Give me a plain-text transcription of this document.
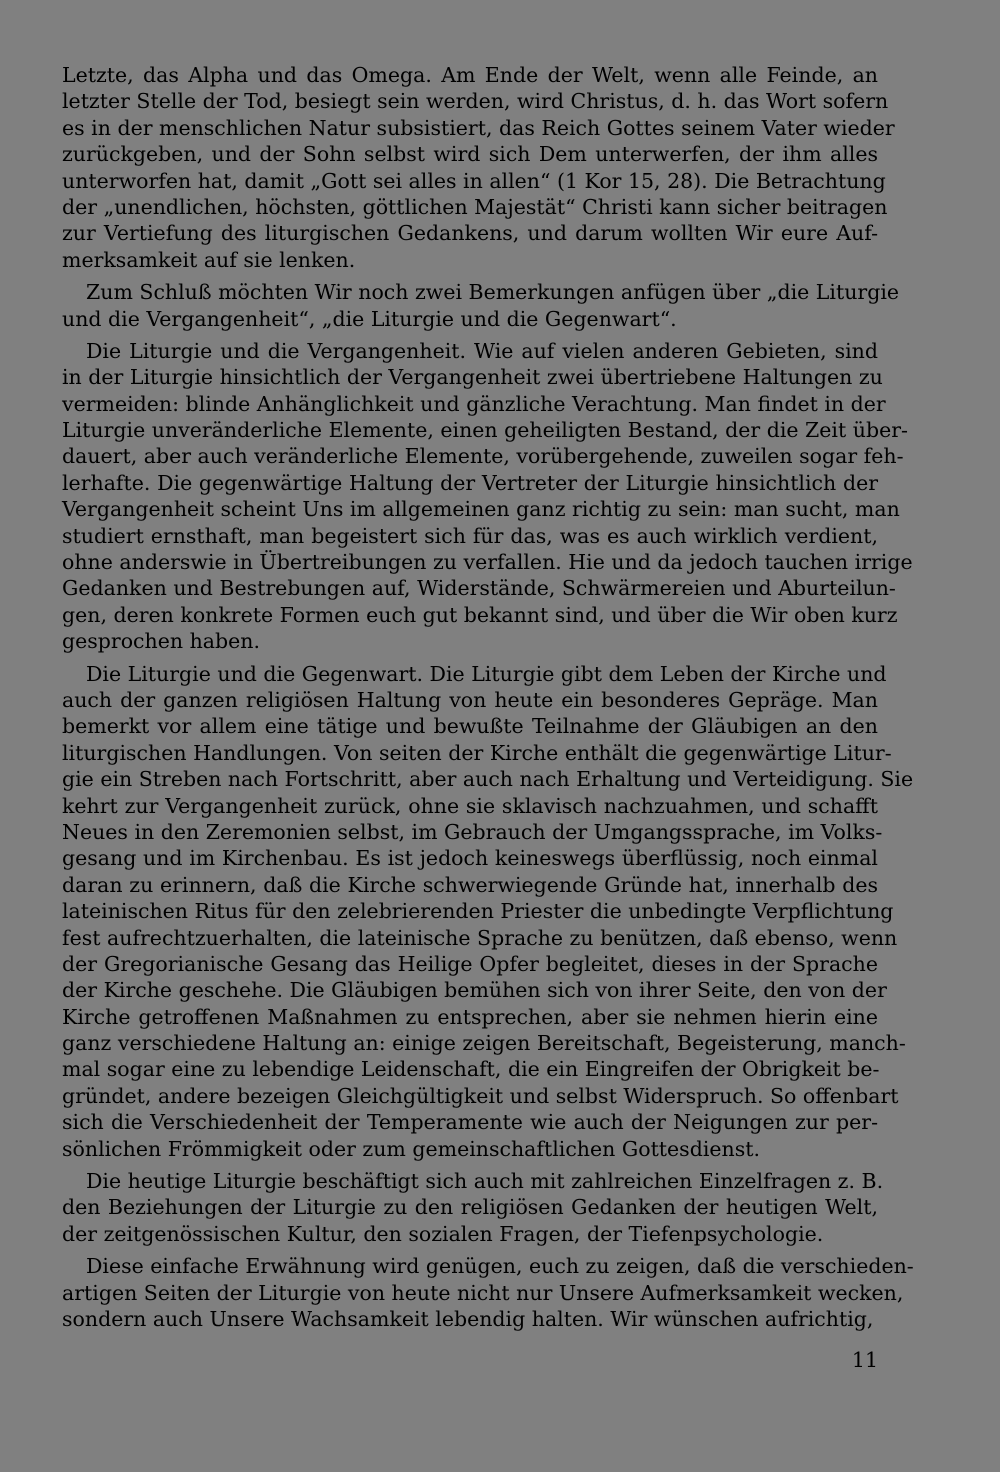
Letzte, das Alpha und das Omega. Am Ende der Welt, wenn alle Feinde, an
letzter Stelle der Tod, besiegt sein werden, wird Christus, d. h. das Wort sofern
es in der menschlichen Natur subsistiert, das Reich Gottes seinem Vater wieder
zurückgeben, und der Sohn selbst wird sich Dem unterwerfen, der ihm alles
unterworfen hat, damit „Gott sei alles in allen“ (1 Kor 15, 28). Die Betrachtung
der „unendlichen, höchsten, göttlichen Majestät“ Christi kann sicher beitragen
zur Vertiefung des liturgischen Gedankens, und darum wollten Wir eure Auf-
merksamkeit auf sie lenken.
Zum Schluß möchten Wir noch zwei Bemerkungen anfügen über „die Liturgie
und die Vergangenheit“, „die Liturgie und die Gegenwart“.
Die Liturgie und die Vergangenheit. Wie auf vielen anderen Gebieten, sind
in der Liturgie hinsichtlich der Vergangenheit zwei übertriebene Haltungen zu
vermeiden: blinde Anhänglichkeit und gänzliche Verachtung. Man findet in der
Liturgie unveränderliche Elemente, einen geheiligten Bestand, der die Zeit über-
dauert, aber auch veränderliche Elemente, vorübergehende, zuweilen sogar feh-
lerhafte. Die gegenwärtige Haltung der Vertreter der Liturgie hinsichtlich der
Vergangenheit scheint Uns im allgemeinen ganz richtig zu sein: man sucht, man
studiert ernsthaft, man begeistert sich für das, was es auch wirklich verdient,
ohne anderswie in Übertreibungen zu verfallen. Hie und da jedoch tauchen irrige
Gedanken und Bestrebungen auf, Widerstände, Schwärmereien und Aburteilun-
gen, deren konkrete Formen euch gut bekannt sind, und über die Wir oben kurz
gesprochen haben.
Die Liturgie und die Gegenwart. Die Liturgie gibt dem Leben der Kirche und
auch der ganzen religiösen Haltung von heute ein besonderes Gepräge. Man
bemerkt vor allem eine tätige und bewußte Teilnahme der Gläubigen an den
liturgischen Handlungen. Von seiten der Kirche enthält die gegenwärtige Litur-
gie ein Streben nach Fortschritt, aber auch nach Erhaltung und Verteidigung. Sie
kehrt zur Vergangenheit zurück, ohne sie sklavisch nachzuahmen, und schafft
Neues in den Zeremonien selbst, im Gebrauch der Umgangssprache, im Volks-
gesang und im Kirchenbau. Es ist jedoch keineswegs überflüssig, noch einmal
daran zu erinnern, daß die Kirche schwerwiegende Gründe hat, innerhalb des
lateinischen Ritus für den zelebrierenden Priester die unbedingte Verpflichtung
fest aufrechtzuerhalten, die lateinische Sprache zu benützen, daß ebenso, wenn
der Gregorianische Gesang das Heilige Opfer begleitet, dieses in der Sprache
der Kirche geschehe. Die Gläubigen bemühen sich von ihrer Seite, den von der
Kirche getroffenen Maßnahmen zu entsprechen, aber sie nehmen hierin eine
ganz verschiedene Haltung an: einige zeigen Bereitschaft, Begeisterung, manch-
mal sogar eine zu lebendige Leidenschaft, die ein Eingreifen der Obrigkeit be-
gründet, andere bezeigen Gleichgültigkeit und selbst Widerspruch. So offenbart
sich die Verschiedenheit der Temperamente wie auch der Neigungen zur per-
sönlichen Frömmigkeit oder zum gemeinschaftlichen Gottesdienst.
Die heutige Liturgie beschäftigt sich auch mit zahlreichen Einzelfragen z. B.
den Beziehungen der Liturgie zu den religiösen Gedanken der heutigen Welt,
der zeitgenössischen Kultur, den sozialen Fragen, der Tiefenpsychologie.
Diese einfache Erwähnung wird genügen, euch zu zeigen, daß die verschieden-
artigen Seiten der Liturgie von heute nicht nur Unsere Aufmerksamkeit wecken,
sondern auch Unsere Wachsamkeit lebendig halten. Wir wünschen aufrichtig,
11
